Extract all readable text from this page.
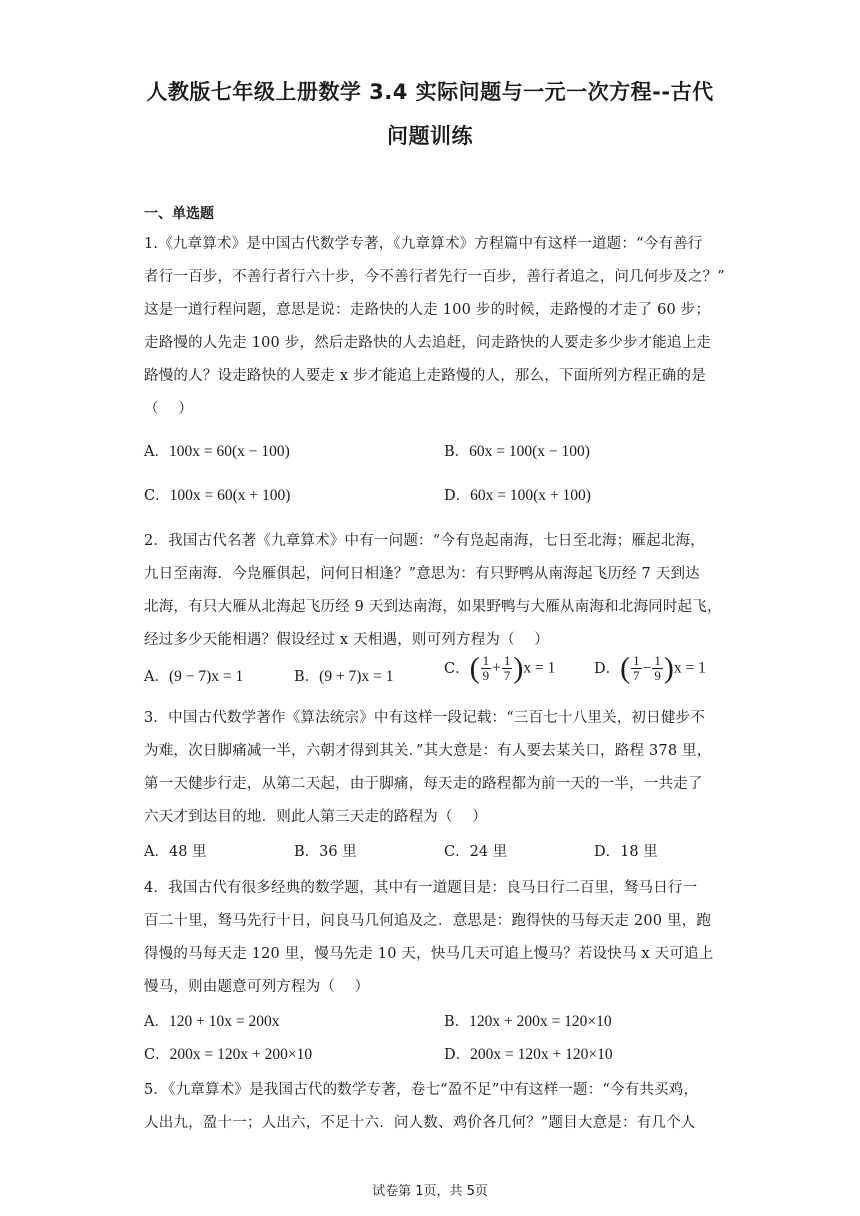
人教版七年级上册数学 3.4 实际问题与一元一次方程--古代
问题训练
一、单选题
1.《九章算术》是中国古代数学专著，《九章算术》方程篇中有这样一道题：“今有善行
者行一百步，不善行者行六十步，今不善行者先行一百步，善行者追之，问几何步及之？”
这是一道行程问题，意思是说：走路快的人走 100 步的时候，走路慢的才走了 60 步；
走路慢的人先走 100 步，然后走路快的人去追赶，问走路快的人要走多少步才能追上走
路慢的人？设走路快的人要走 x 步才能追上走路慢的人，那么，下面所列方程正确的是
（　 ）
A．100x = 60(x − 100)	B．60x = 100(x − 100)
C．100x = 60(x + 100)	D．60x = 100(x + 100)
2．我国古代名著《九章算术》中有一问题：“今有凫起南海，七日至北海；雁起北海，
九日至南海．今凫雁俱起，问何日相逢？”意思为：有只野鸭从南海起飞历经 7 天到达
北海，有只大雁从北海起飞历经 9 天到达南海，如果野鸭与大雁从南海和北海同时起飞，
经过多少天能相遇？假设经过 x 天相遇，则可列方程为（　 ）
A．(9 − 7)x = 1	B．(9 + 7)x = 1	C．( $\frac{1}{9} + \frac{1}{7} )x = 1$	D．( $\frac{1}{7} - \frac{1}{9} )x = 1$
3．中国古代数学著作《算法统宗》中有这样一段记载：“三百七十八里关，初日健步不
为难，次日脚痛减一半，六朝才得到其关．”其大意是：有人要去某关口，路程 378 里，
第一天健步行走，从第二天起，由于脚痛，每天走的路程都为前一天的一半，一共走了
六天才到达目的地．则此人第三天走的路程为（　 ）
A．48 里	B．36 里	C．24 里	D．18 里
4．我国古代有很多经典的数学题，其中有一道题目是：良马日行二百里，驽马日行一
百二十里，驽马先行十日，问良马几何追及之．意思是：跑得快的马每天走 200 里，跑
得慢的马每天走 120 里，慢马先走 10 天，快马几天可追上慢马？若设快马 x 天可追上
慢马，则由题意可列方程为（　 ）
A．120 + 10x = 200x	B．120x + 200x = 120×10
C．200x = 120x + 200×10	D．200x = 120x + 120×10
5．《九章算术》是我国古代的数学专著，卷七“盈不足”中有这样一题：“今有共买鸡，
人出九，盈十一；人出六，不足十六．问人数、鸡价各几何？”题目大意是：有几个人
试卷第 1页，共 5页
